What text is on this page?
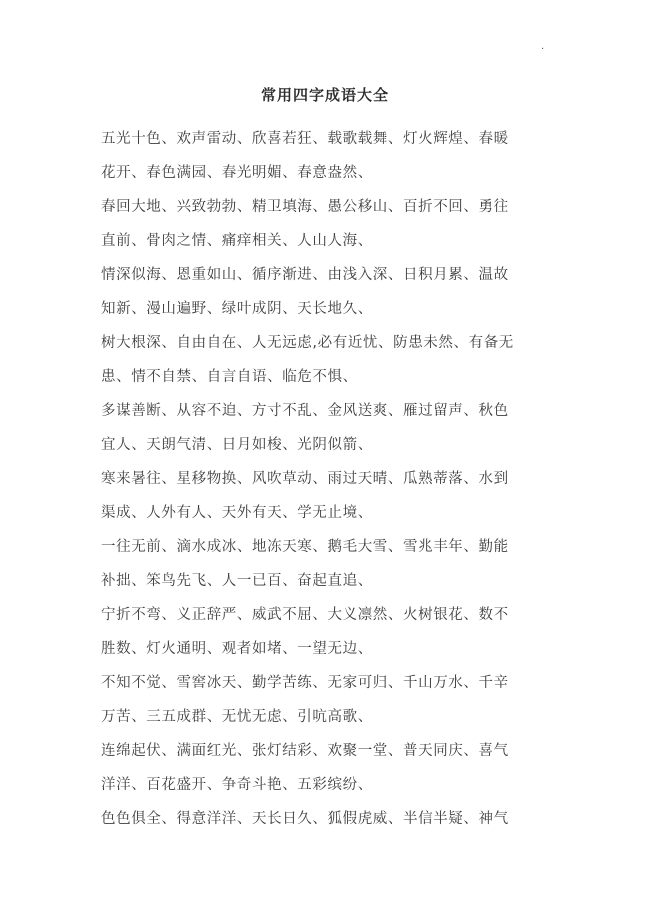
·
常用四字成语大全
五光十色、欢声雷动、欣喜若狂、载歌载舞、灯火辉煌、春暖
花开、春色满园、春光明媚、春意盎然、
春回大地、兴致勃勃、精卫填海、愚公移山、百折不回、勇往
直前、骨肉之情、痛痒相关、人山人海、
情深似海、恩重如山、循序渐进、由浅入深、日积月累、温故
知新、漫山遍野、绿叶成阴、天长地久、
树大根深、自由自在、人无远虑,必有近忧、防患未然、有备无
患、情不自禁、自言自语、临危不惧、
多谋善断、从容不迫、方寸不乱、金风送爽、雁过留声、秋色
宜人、天朗气清、日月如梭、光阴似箭、
寒来暑往、星移物换、风吹草动、雨过天晴、瓜熟蒂落、水到
渠成、人外有人、天外有天、学无止境、
一往无前、滴水成冰、地冻天寒、鹅毛大雪、雪兆丰年、勤能
补拙、笨鸟先飞、人一已百、奋起直追、
宁折不弯、义正辞严、威武不屈、大义凛然、火树银花、数不
胜数、灯火通明、观者如堵、一望无边、
不知不觉、雪窖冰天、勤学苦练、无家可归、千山万水、千辛
万苦、三五成群、无忧无虑、引吭高歌、
连绵起伏、满面红光、张灯结彩、欢聚一堂、普天同庆、喜气
洋洋、百花盛开、争奇斗艳、五彩缤纷、
色色俱全、得意洋洋、天长日久、狐假虎威、半信半疑、神气
